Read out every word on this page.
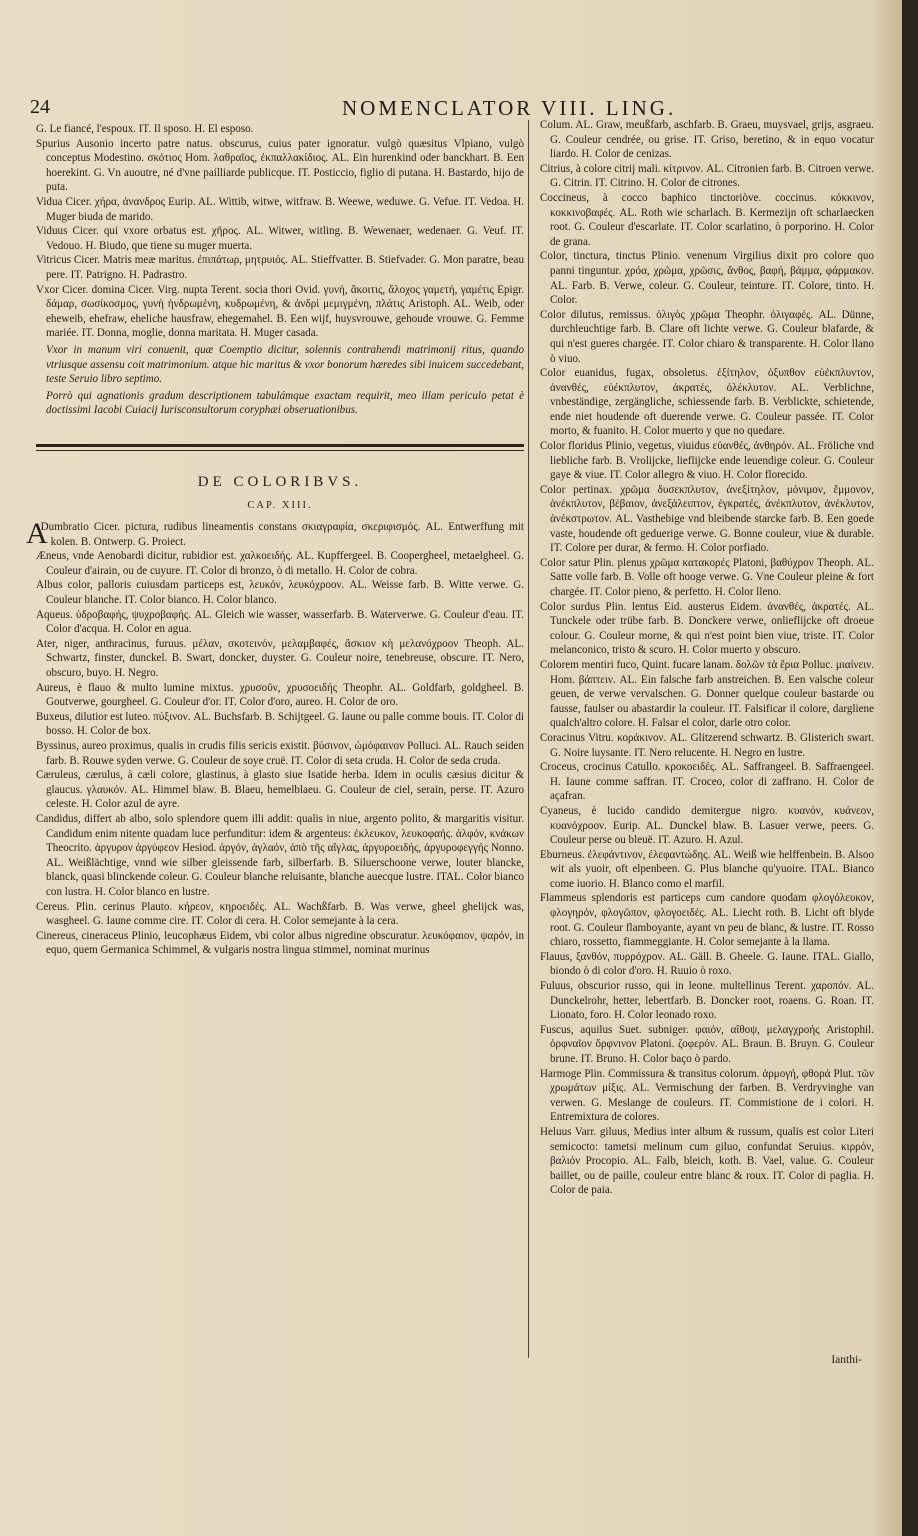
24	NOMENCLATOR VIII. LING.
G. Le fiancé, l'espoux. IT. Il sposo. H. El esposo.
Spurius Ausonio incerto patre natus. obscurus, cuius pater ignoratur. vulgò quæsitus Vlpiano, vulgò conceptus Modestino. σκότιος Hom. λαθραῖος, ἐκπαλλακίδιος. AL. Ein hurenkind oder banckhart. B. Een hoerekint. G. Vn auoutre, né d'vne pailliarde publicque. IT. Posticcio, figlio di putana. H. Bastardo, hijo de puta.
Vidua Cicer. χήρα, ἀνανδρος Eurip. AL. Wittib, witwe, witfraw. B. Weewe, weduwe. G. Vefue. IT. Vedoa. H. Muger biuda de marido.
Viduus Cicer. qui vxore orbatus est. χῆρος. AL. Witwer, witling. B. Wewenaer, wedenaer. G. Veuf. IT. Vedouo. H. Biudo, que tiene su muger muerta.
Vitricus Cicer. Matris meæ maritus. ἐπιπάτωρ, μητρυιός. AL. Stieffvatter. B. Stiefvader. G. Mon paratre, beau pere. IT. Patrigno. H. Padrastro.
Vxor Cicer. domina Cicer. Virg. nupta Terent. socia thori Ovid. γυνή, ἄκοιτις, ἄλοχος γαμετή, γαμέτις Epigr. δάμαρ, σωσίκοσμος, γυνὴ ἠνδρωμένη, κυδρωμένη, & ἀνδρὶ μεμιγμένη, πλάτις Aristoph. AL. Weib, oder eheweib, ehefraw, eheliche hausfraw, ehegemahel. B. Een wijf, huysvrouwe, gehoude vrouwe. G. Femme mariée. IT. Donna, moglie, donna maritata. H. Muger casada.
Vxor in manum viri conuenit, quæ Coemptio dicitur, solennis contrahendi matrimonij ritus, quando vtriusque assensu coit matrimonium. atque hic maritus & vxor bonorum hæredes sibi inuicem succedebant, teste Seruio libro septimo.
Porrò qui agnationis gradum descriptionem tabulámque exactam requirit, meo illam periculo petat è doctissimi Iacobi Cuiacij Iurisconsultorum coryphæi obseruationibus.
DE COLORIBVS.
CAP. XIII.
A
Dumbratio Cicer. pictura, rudibus lineamentis constans σκιαγραφία, σκεριφισμός. AL. Entwerffung mit kolen. B. Ontwerp. G. Proiect.
Æneus, vnde Aenobardi dicitur, rubidior est. χαλκοειδής. AL. Kupffergeel. B. Coopergheel, metaelgheel. G. Couleur d'airain, ou de cuyure. IT. Color di bronzo, ò di metallo. H. Color de cobra.
Albus color, palloris cuiusdam particeps est, λευκόν, λευκόχροον. AL. Weisse farb. B. Witte verwe. G. Couleur blanche. IT. Color bianco. H. Color blanco.
Aqueus. ὑδροβαφής, ψυχροβαφής. AL. Gleich wie wasser, wasserfarb. B. Waterverwe. G. Couleur d'eau. IT. Color d'acqua. H. Color en agua.
Ater, niger, anthracinus, furuus. μέλαν, σκοτεινόν, μελαμβαφές, ἄσκιον κὴ μελανόχροον Theoph. AL. Schwartz, finster, dunckel. B. Swart, doncker, duyster. G. Couleur noire, tenebreuse, obscure. IT. Nero, obscuro, buyo. H. Negro.
Aureus, è flauo & multo lumine mixtus. χρυσοῦν, χρυσοειδής Theophr. AL. Goldfarb, goldgheel. B. Goutverwe, gourgheel. G. Couleur d'or. IT. Color d'oro, aureo. H. Color de oro.
Buxeus, dilutior est luteo. πύξινον. AL. Buchsfarb. B. Schijtgeel. G. Iaune ou palle comme bouis. IT. Color di bosso. H. Color de box.
Byssinus, aureo proximus, qualis in crudis filis sericis existit. βύσινον, ὠμόφαινον Polluci. AL. Rauch seiden farb. B. Rouwe syden verwe. G. Couleur de soye cruë. IT. Color di seta cruda. H. Color de seda cruda.
Cæruleus, cærulus, à cæli colore, glastinus, à glasto siue Isatide herba. Idem in oculis cæsius dicitur & glaucus. γλαυκόν. AL. Himmel blaw. B. Blaeu, hemelblaeu. G. Couleur de ciel, serain, perse. IT. Azuro celeste. H. Color azul de ayre.
Candidus, differt ab albo, solo splendore quem illi addit: qualis in niue, argento polito, & margaritis visitur. Candidum enim nitente quadam luce perfunditur: idem & argenteus: ἐκλευκον, λευκοφαής. ἀλφόν, κνάκων Theocrito. ἀργυρον ἀργύφεον Hesiod. ἀργόν, ἀγλαόν, ἀπὸ τῆς αἴγλας, ἀργυροειδής, ἀργυροφεγγής Nonno. AL. Weißlächtige, vnnd wie silber gleissende farb, silberfarb. B. Siluerschoone verwe, louter blancke, blanck, quasi blinckende coleur. G. Couleur blanche reluisante, blanche auecque lustre. ITAL. Color bianco con lustra. H. Color blanco en lustre.
Cereus. Plin. cerinus Plauto. κήρεον, κηροειδές. AL. Wachßfarb. B. Was verwe, gheel ghelijck was, wasgheel. G. Iaune comme cire. IT. Color di cera. H. Color semejante à la cera.
Cinereus, cineraceus Plinio, leucophæus Eidem, vbi color albus nigredine obscuratur. λευκόφαιον, ψαρόν, in equo, quem Germanica Schimmel, & vulgaris nostra lingua stimmel, nominat murinus
Colum. AL. Graw, meußfarb, aschfarb. B. Graeu, muysvael, grijs, asgraeu. G. Couleur cendrée, ou grise. IT. Griso, beretino, & in equo vocatur liardo. H. Color de cenizas.
Citrius, à colore citrij mali. κίτρινον. AL. Citronien farb. B. Citroen verwe. G. Citrin. IT. Citrino. H. Color de citrones.
Coccineus, à cocco baphico tinctoriòve. coccinus. κόκκινον, κοκκινοβαφές. AL. Roth wie scharlach. B. Kermezijn oft scharlaecken root. G. Couleur d'escarlate. IT. Color scarlatino, ò porporino. H. Color de grana.
Color, tinctura, tinctus Plinio. venenum Virgilius dixit pro colore quo panni tinguntur. χρόα, χρῶμα, χρῶσις, ἄνθος, βαφή, βάμμα, φάρμακον. AL. Farb. B. Verwe, coleur. G. Couleur, teinture. IT. Colore, tinto. H. Color.
Color dilutus, remissus. ὀλιγὸς χρῶμα Theophr. ὀλιγαφές. AL. Dünne, durchleuchtige farb. B. Clare oft lichte verwe. G. Couleur blafarde, & qui n'est gueres chargée. IT. Color chiaro & transparente. H. Color llano ò viuo.
Color euanidus, fugax, obsoletus. ἐξίτηλον, ὀξυπθον εὐέκπλυντον, ἀνανθές, εὐέκπλυτον, ἀκρατές, ὀλέκλυτον. AL. Verblichne, vnbeständige, zergängliche, schiessende farb. B. Verblickte, schietende, ende niet houdende oft duerende verwe. G. Couleur passée. IT. Color morto, & fuanito. H. Color muerto y que no quedare.
Color floridus Plinio, vegetus, viuidus εὐανθές, ἀνθηρόν. AL. Fröliche vnd liebliche farb. B. Vrolijcke, lieflijcke ende leuendige coleur. G. Couleur gaye & viue. IT. Color allegro & viuo. H. Color florecido.
Color pertinax. χρῶμα δυσεκπλυτον, ἀνεξίτηλον, μόνιμον, ἔμμονον, ἀνέκπλυτον, βέβαιον, ἀνεξάλειπτον, ἐγκρατές, ἀνέκπλυτον, ἀνέκλυτον, ἀνέκστρωτον. AL. Vasthebige vnd bleibende starcke farb. B. Een goede vaste, houdende oft geduerige verwe. G. Bonne couleur, viue & durable. IT. Colore per durar, & fermo. H. Color porfiado.
Color satur Plin. plenus χρῶμα κατακορές Platoni, βαθύχρον Theoph. AL. Satte volle farb. B. Volle oft hooge verwe. G. Vne Couleur pleine & fort chargée. IT. Color pieno, & perfetto. H. Color lleno.
Color surdus Plin. lentus Eid. austerus Eidem. ἀνανθές, ἀκρατές. AL. Tunckele oder trübe farb. B. Donckere verwe, onlieflijcke oft droeue colour. G. Couleur morne, & qui n'est point bien viue, triste. IT. Color melanconico, tristo & scuro. H. Color muerto y obscuro.
Colorem mentiri fuco, Quint. fucare lanam. δολῶν τὰ ἔρια Polluc. μιαίνειν. Hom. βάπτειν. AL. Ein falsche farb anstreichen. B. Een valsche coleur geuen, de verwe vervalschen. G. Donner quelque couleur bastarde ou fausse, faulser ou abastardir la couleur. IT. Falsificar il colore, dargliene qualch'altro colore. H. Falsar el color, darle otro color.
Coracinus Vitru. κοράκινον. AL. Glitzerend schwartz. B. Glisterich swart. G. Noire luysante. IT. Nero relucente. H. Negro en lustre.
Croceus, crocinus Catullo. κροκοειδές. AL. Saffrangeel. B. Saffraengeel. H. Iaune comme saffran. IT. Croceo, color di zaffrano. H. Color de açafran.
Cyaneus, è lucido candido demitergue nigro. κυανόν, κυάνεον, κυανόχροον. Eurip. AL. Dunckel blaw. B. Lasuer verwe, peers. G. Couleur perse ou bleuë. IT. Azuro. H. Azul.
Eburneus. ἐλεφάντινον, ἐλεφαντώδης. AL. Weiß wie helffenbein. B. Alsoo wit als yuoir, oft elpenbeen. G. Plus blanche qu'yuoire. ITAL. Bianco come iuorio. H. Blanco como el marfil.
Flammeus splendoris est particeps cum candore quodam φλογόλευκον, φλογηρόν, φλογῶπον, φλογοειδές. AL. Liecht roth. B. Licht oft blyde root. G. Couleur flamboyante, ayant vn peu de blanc, & lustre. IT. Rosso chiaro, rossetto, fiammeggiante. H. Color semejante à la llama.
Flauus, ξανθόν, πυρρόχρον. AL. Gäll. B. Gheele. G. Iaune. ITAL. Giallo, biondo ò di color d'oro. H. Ruuio ò roxo.
Fuluus, obscurior russo, qui in leone. multellinus Terent. χαροπόν. AL. Dunckelrohr, hetter, lebertfarb. B. Doncker root, roaens. G. Roan. IT. Lionato, foro. H. Color leonado roxo.
Fuscus, aquilus Suet. subniger. φαιόν, αἴθοψ, μελαγχροής Aristophil. ὀρφναῖον ὄρφνινον Platoni. ζοφερόν. AL. Braun. B. Bruyn. G. Couleur brune. IT. Bruno. H. Color baço ò pardo.
Harmoge Plin. Commissura & transitus colorum. ἁρμογή, φθορά Plut. τῶν χρωμάτων μίξις. AL. Vermischung der farben. B. Verdryvinghe van verwen. G. Meslange de couleurs. IT. Commistione de i colori. H. Entremixtura de colores.
Heluus Varr. giluus, Medius inter album & russum, qualis est color Literi semicocto: tametsi melinum cum giluo, confundat Seruius. κιρρόν, βαλιόν Procopio. AL. Falb, bleich, koth. B. Vael, value. G. Couleur baillet, ou de paille, couleur entre blanc & roux. IT. Color di paglia. H. Color de paia.
Ianthi-
